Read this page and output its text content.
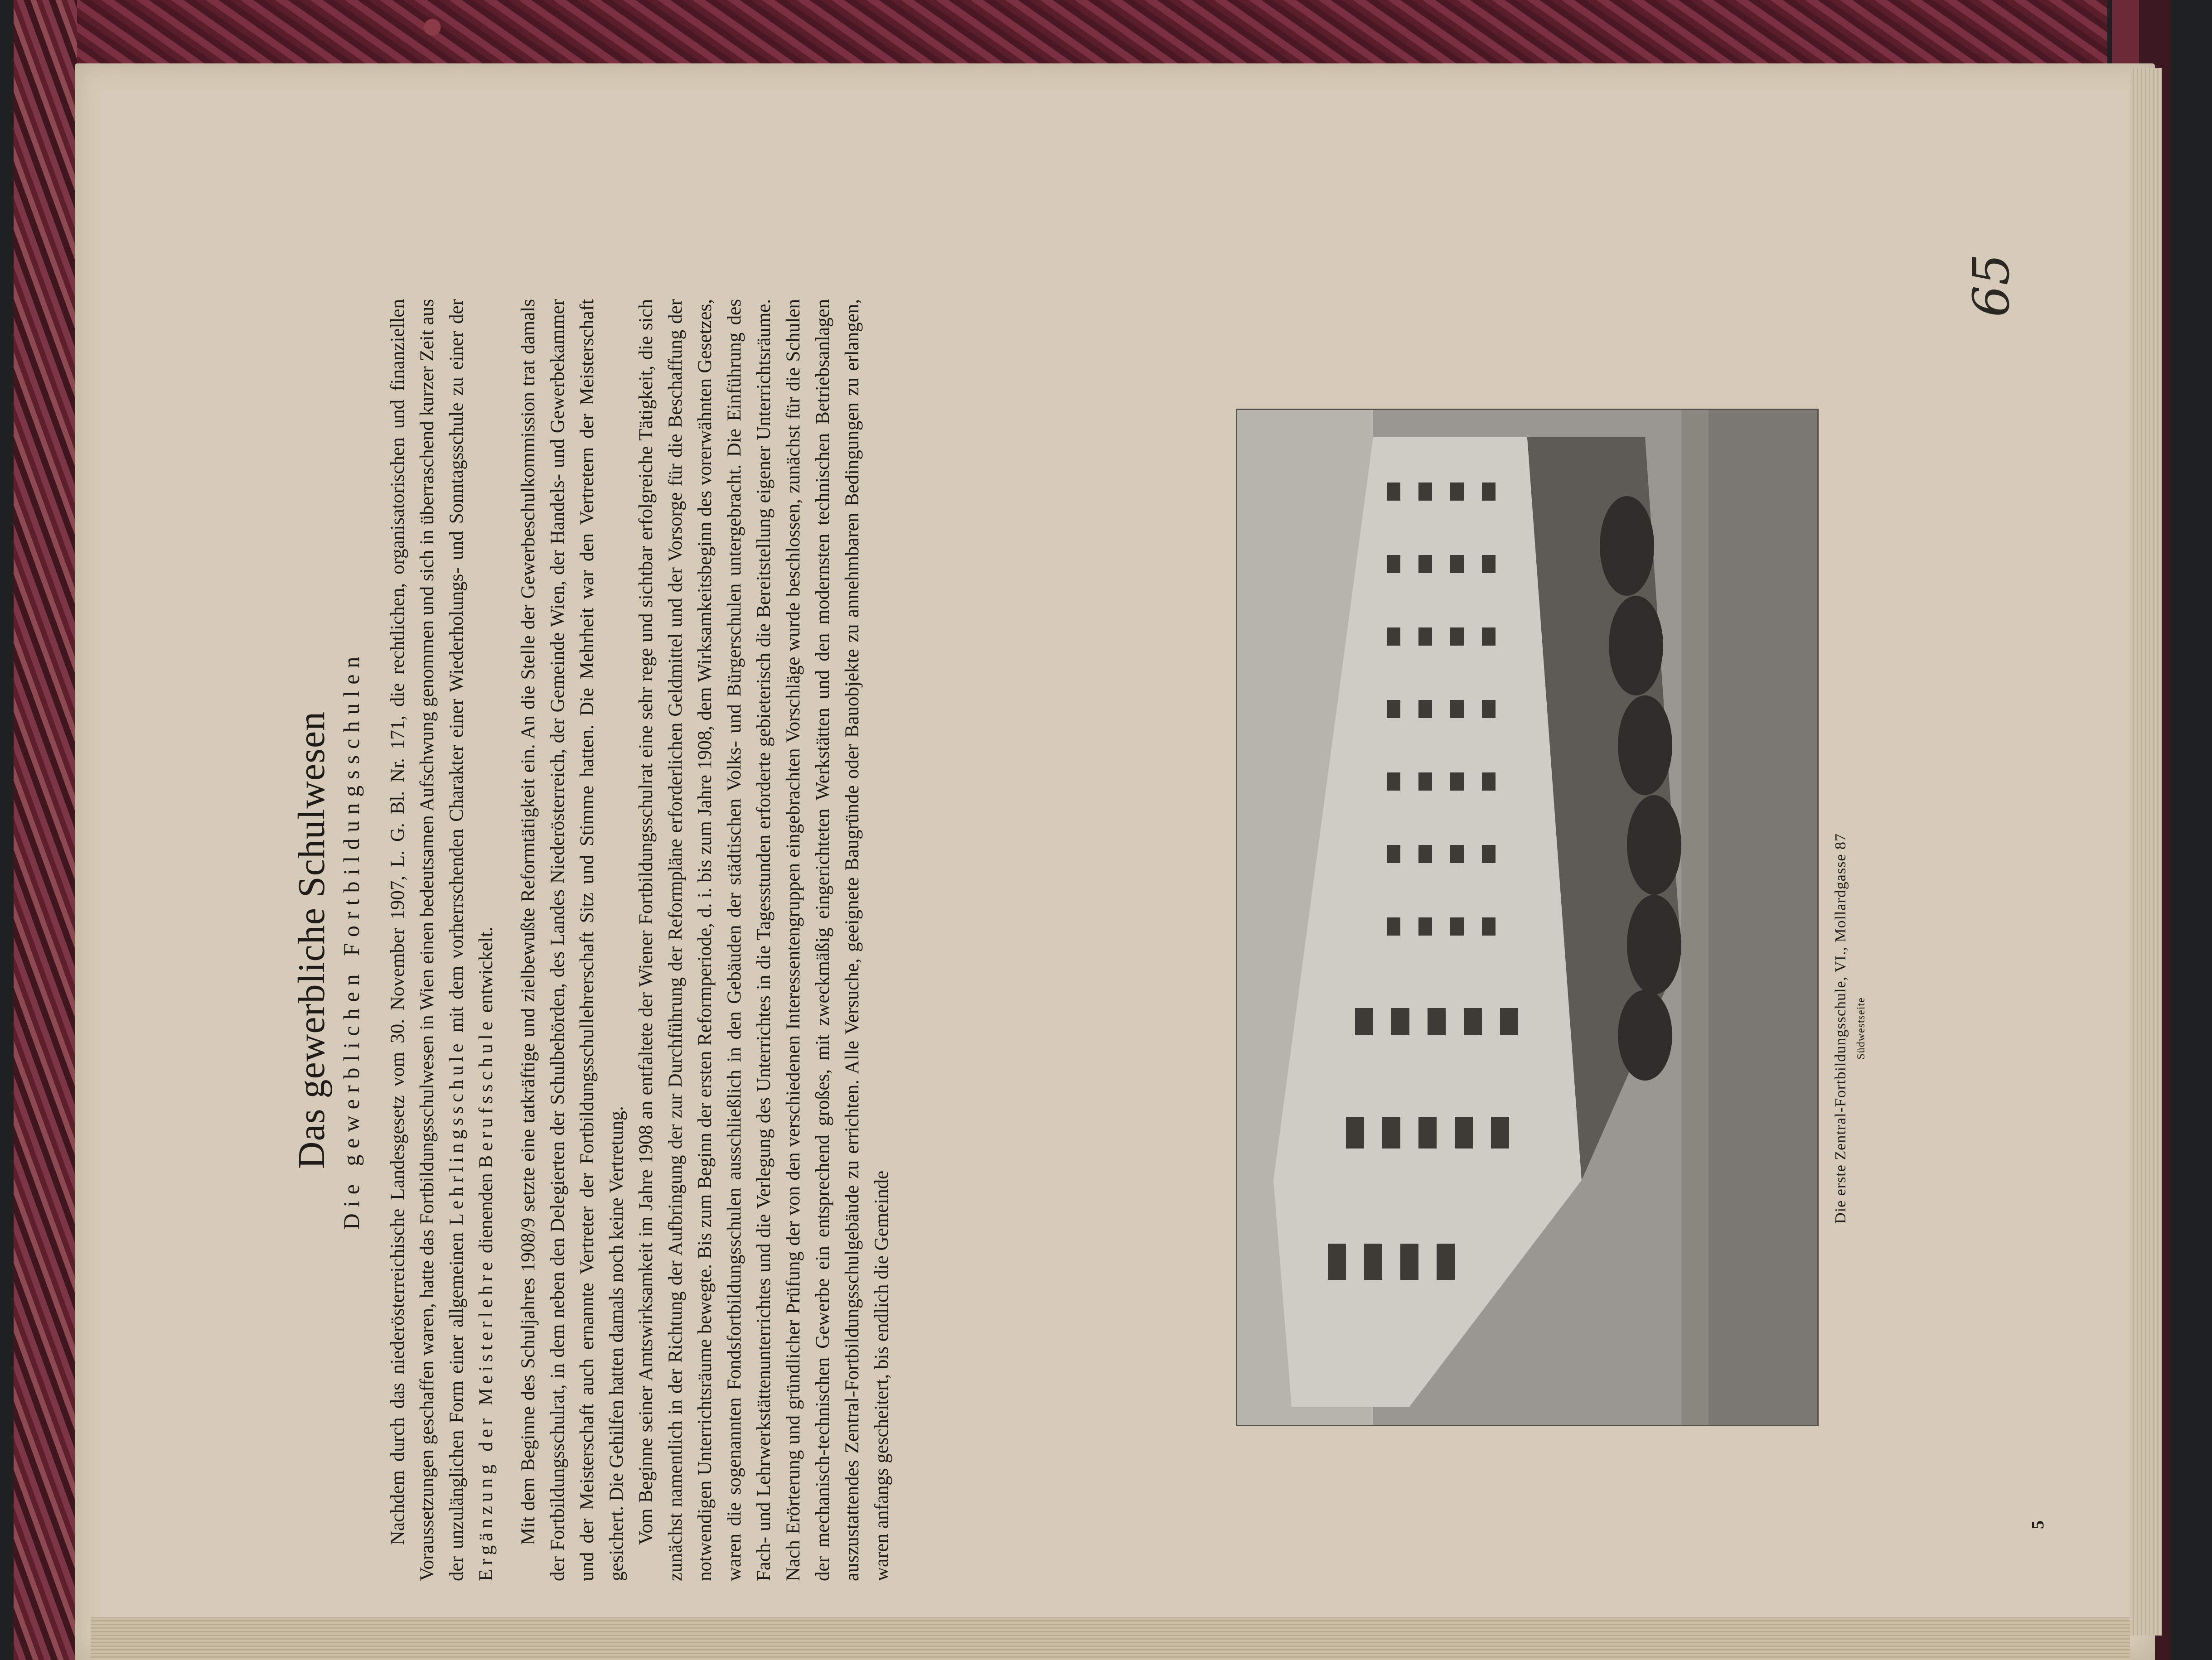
Das gewerbliche Schulwesen Die gewerblichen Fortbildungsschulen Nachdem durch das niederösterreichische Landesgesetz vom 30. November 1907, L. G. Bl. Nr. 171, die rechtlichen, organisatorischen und finanziellen Voraussetzungen geschaffen waren, hatte das Fortbildungsschulwesen in Wien einen bedeutsamen Aufschwung genommen und sich in überraschend kurzer Zeit aus der unzulänglichen Form einer allgemeinen Lehrlingsschule mit dem vorherrschenden Charakter einer Wiederholungs- und Sonntagsschule zu einer der Ergänzung der Meisterlehre dienenden Berufsschule entwickelt. Mit dem Beginne des Schuljahres 1908/9 setzte eine tatkräftige und zielbewußte Reformtätigkeit ein. An die Stelle der Gewerbeschulkommission trat damals der Fortbildungsschulrat, in dem neben den Delegierten der Schulbehörden, des Landes Niederösterreich, der Gemeinde Wien, der Handels- und Gewerbekammer und der Meisterschaft auch ernannte Vertreter der Fortbildungsschullehrerschaft Sitz und Stimme hatten. Die Mehrheit war den Vertretern der Meisterschaft gesichert. Die Gehilfen hatten damals noch keine Vertretung. Vom Beginne seiner Amtswirksamkeit im Jahre 1908 an entfaltete der Wiener Fortbildungsschulrat eine sehr rege und sichtbar erfolgreiche Tätigkeit, die sich zunächst namentlich in der Richtung der Aufbringung der zur Durchführung der Reformpläne erforderlichen Geldmittel und der Vorsorge für die Beschaffung der notwendigen Unterrichtsräume bewegte. Bis zum Beginn der ersten Reformperiode, d. i. bis zum Jahre 1908, dem Wirksamkeitsbeginn des vorerwähnten Gesetzes, waren die sogenannten Fondsfortbildungsschulen ausschließlich in den Gebäuden der städtischen Volks- und Bürgerschulen untergebracht. Die Einführung des Fach- und Lehrwerkstättenunterrichtes und die Verlegung des Unterrichtes in die Tagesstunden erforderte gebieterisch die Bereitstellung eigener Unterrichtsräume. Nach Erörterung und gründlicher Prüfung der von den verschiedenen Interessentengruppen eingebrachten Vorschläge wurde beschlossen, zunächst für die Schulen der mechanisch-technischen Gewerbe ein entsprechend großes, mit zweckmäßig eingerichteten Werkstätten und den modernsten technischen Betriebsanlagen auszustattendes Zentral-Fortbildungsschulgebäude zu errichten. Alle Versuche, geeignete Baugründe oder Bauobjekte zu annehmbaren Bedingungen zu erlangen, waren anfangs gescheitert, bis endlich die Gemeinde

Die erste Zentral-Fortbildungsschule, VI., Mollardgasse 87 Südwestseite
65
5
